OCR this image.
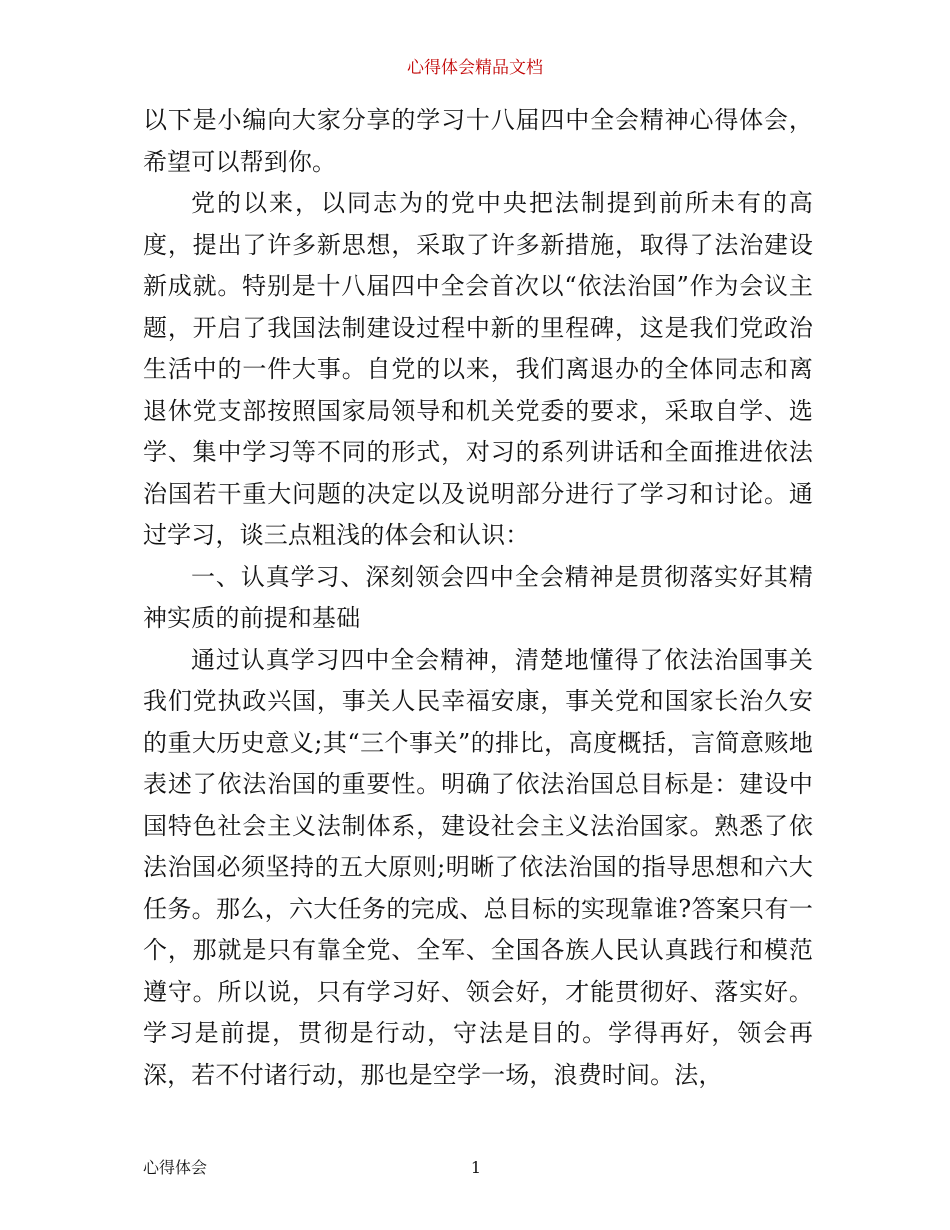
心得体会精品文档

以下是小编向大家分享的学习十八届四中全会精神心得体会，希望可以帮到你。

党的以来，以同志为的党中央把法制提到前所未有的高度，提出了许多新思想，采取了许多新措施，取得了法治建设新成就。特别是十八届四中全会首次以“依法治国”作为会议主题，开启了我国法制建设过程中新的里程碑，这是我们党政治生活中的一件大事。自党的以来，我们离退办的全体同志和离退休党支部按照国家局领导和机关党委的要求，采取自学、选学、集中学习等不同的形式，对习的系列讲话和全面推进依法治国若干重大问题的决定以及说明部分进行了学习和讨论。通过学习，谈三点粗浅的体会和认识：

一、认真学习、深刻领会四中全会精神是贯彻落实好其精神实质的前提和基础

通过认真学习四中全会精神，清楚地懂得了依法治国事关我们党执政兴国，事关人民幸福安康，事关党和国家长治久安的重大历史意义;其“三个事关”的排比，高度概括，言简意赅地表述了依法治国的重要性。明确了依法治国总目标是：建设中国特色社会主义法制体系，建设社会主义法治国家。熟悉了依法治国必须坚持的五大原则;明晰了依法治国的指导思想和六大任务。那么，六大任务的完成、总目标的实现靠谁?答案只有一个，那就是只有靠全党、全军、全国各族人民认真践行和模范遵守。所以说，只有学习好、领会好，才能贯彻好、落实好。学习是前提，贯彻是行动，守法是目的。学得再好，领会再深，若不付诸行动，那也是空学一场，浪费时间。法，

心得体会	1
